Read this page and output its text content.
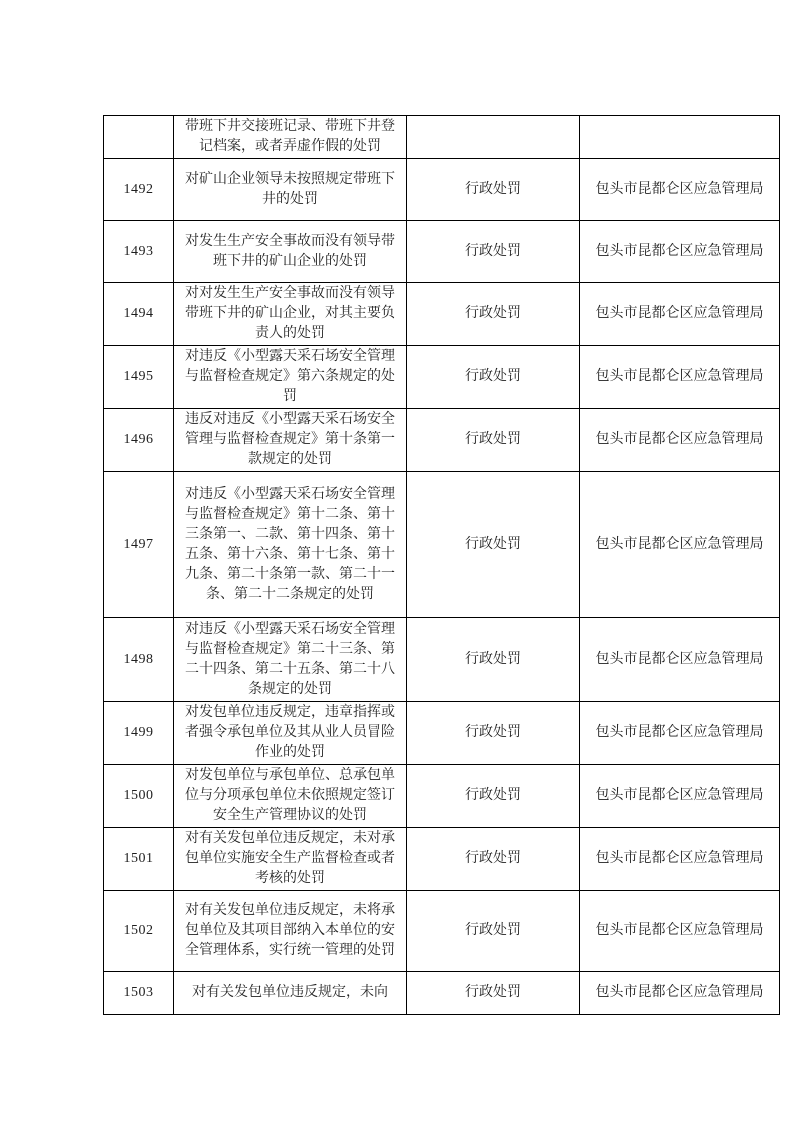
	带班下井交接班记录、带班下井登记档案，或者弄虚作假的处罚		
1492	对矿山企业领导未按照规定带班下井的处罚	行政处罚	包头市昆都仑区应急管理局
1493	对发生生产安全事故而没有领导带班下井的矿山企业的处罚	行政处罚	包头市昆都仑区应急管理局
1494	对对发生生产安全事故而没有领导带班下井的矿山企业，对其主要负责人的处罚	行政处罚	包头市昆都仑区应急管理局
1495	对违反《小型露天采石场安全管理与监督检查规定》第六条规定的处罚	行政处罚	包头市昆都仑区应急管理局
1496	违反对违反《小型露天采石场安全管理与监督检查规定》第十条第一款规定的处罚	行政处罚	包头市昆都仑区应急管理局
1497	对违反《小型露天采石场安全管理与监督检查规定》第十二条、第十三条第一、二款、第十四条、第十五条、第十六条、第十七条、第十九条、第二十条第一款、第二十一条、第二十二条规定的处罚	行政处罚	包头市昆都仑区应急管理局
1498	对违反《小型露天采石场安全管理与监督检查规定》第二十三条、第二十四条、第二十五条、第二十八条规定的处罚	行政处罚	包头市昆都仑区应急管理局
1499	对发包单位违反规定，违章指挥或者强令承包单位及其从业人员冒险作业的处罚	行政处罚	包头市昆都仑区应急管理局
1500	对发包单位与承包单位、总承包单位与分项承包单位未依照规定签订安全生产管理协议的处罚	行政处罚	包头市昆都仑区应急管理局
1501	对有关发包单位违反规定，未对承包单位实施安全生产监督检查或者考核的处罚	行政处罚	包头市昆都仑区应急管理局
1502	对有关发包单位违反规定，未将承包单位及其项目部纳入本单位的安全管理体系，实行统一管理的处罚	行政处罚	包头市昆都仑区应急管理局
1503	对有关发包单位违反规定，未向	行政处罚	包头市昆都仑区应急管理局
